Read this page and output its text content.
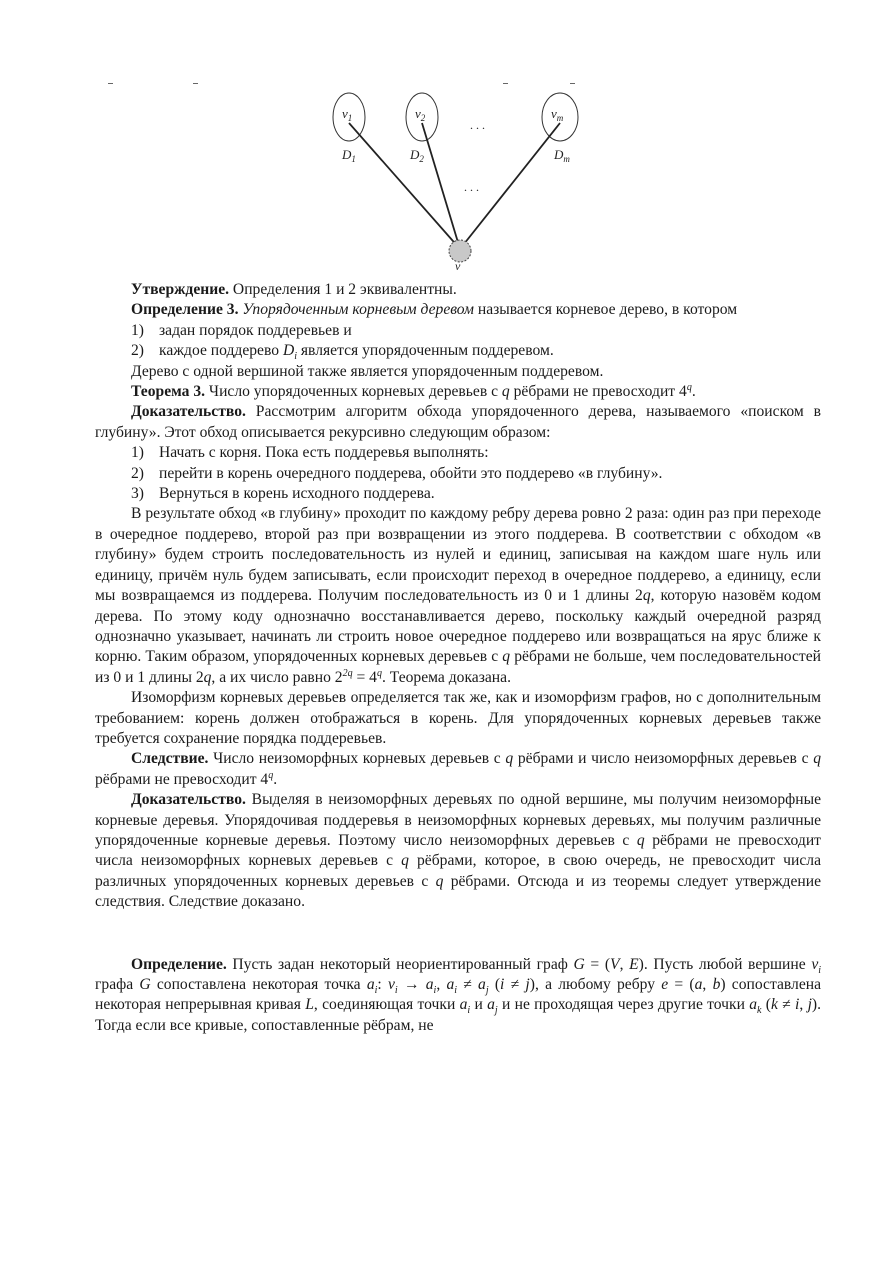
$v_1$	$v_2$	$v_m$
. . .
. . .
$D_1$	$D_2$	$D_m$
v

Утверждение. Определения 1 и 2 эквивалентны.

Определение 3. Упорядоченным корневым деревом называется корневое дерево, в котором

1) задан порядок поддеревьев и

2) каждое поддерево $D_i$ является упорядоченным поддеревом.

Дерево с одной вершиной также является упорядоченным поддеревом.

Теорема 3. Число упорядоченных корневых деревьев с q рёбрами не превосходит 4$^q$.

Доказательство. Рассмотрим алгоритм обхода упорядоченного дерева, называемого «поиском в глубину». Этот обход описывается рекурсивно следующим образом:

1) Начать с корня. Пока есть поддеревья выполнять:

2) перейти в корень очередного поддерева, обойти это поддерево «в глубину».

3) Вернуться в корень исходного поддерева.

В результате обход «в глубину» проходит по каждому ребру дерева ровно 2 раза: один раз при переходе в очередное поддерево, второй раз при возвращении из этого поддерева. В соответствии с обходом «в глубину» будем строить последовательность из нулей и единиц, записывая на каждом шаге нуль или единицу, причём нуль будем записывать, если происходит переход в очередное поддерево, а единицу, если мы возвращаемся из поддерева. Получим последовательность из 0 и 1 длины 2q, которую назовём кодом дерева. По этому коду однозначно восстанавливается дерево, поскольку каждый очередной разряд однозначно указывает, начинать ли строить новое очередное поддерево или возвращаться на ярус ближе к корню. Таким образом, упорядоченных корневых деревьев с q рёбрами не больше, чем последовательностей из 0 и 1 длины 2q, а их число равно $2^{2q} = 4^q$. Теорема доказана.

Изоморфизм корневых деревьев определяется так же, как и изоморфизм графов, но с дополнительным требованием: корень должен отображаться в корень. Для упорядоченных корневых деревьев также требуется сохранение порядка поддеревьев.

Следствие. Число неизоморфных корневых деревьев с q рёбрами и число неизоморфных деревьев с q рёбрами не превосходит 4$^q$.

Доказательство. Выделяя в неизоморфных деревьях по одной вершине, мы получим неизоморфные корневые деревья. Упорядочивая поддеревья в неизоморфных корневых деревьях, мы получим различные упорядоченные корневые деревья. Поэтому число неизоморфных деревьев с q рёбрами не превосходит числа неизоморфных корневых деревьев с q рёбрами, которое, в свою очередь, не превосходит числа различных упорядоченных корневых деревьев с q рёбрами. Отсюда и из теоремы следует утверждение следствия. Следствие доказано.

Определение. Пусть задан некоторый неориентированный граф G = (V, E). Пусть любой вершине $v_i$ графа G сопоставлена некоторая точка $a_i$: $v_i \to a_i$, $a_i \ne a_j$ (i ≠ j), а любому ребру e = (a, b) сопоставлена некоторая непрерывная кривая L, соединяющая точки $a_i$ и $a_j$ и не проходящая через другие точки $a_k$ (k ≠ i, j). Тогда если все кривые, сопоставленные рёбрам, не
